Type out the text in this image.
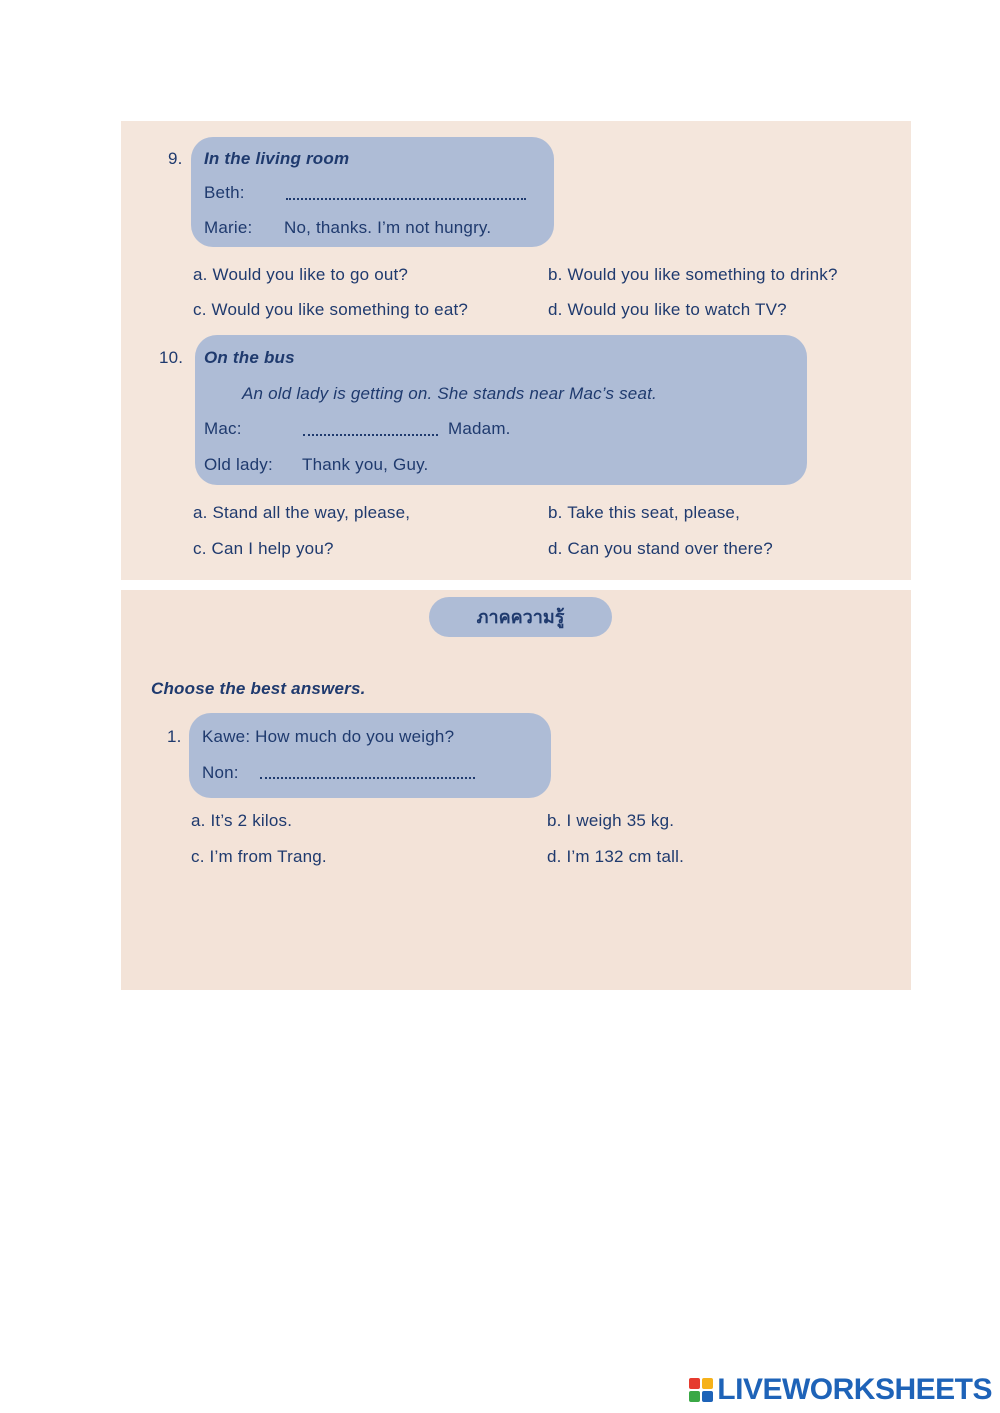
9. In the living room
Beth:
Marie: No, thanks. I’m not hungry.
a. Would you like to go out?	b. Would you like something to drink?
c. Would you like something to eat?	d. Would you like to watch TV?
10. On the bus
An old lady is getting on. She stands near Mac’s seat.
Mac:	Madam.
Old lady: Thank you, Guy.
a. Stand all the way, please,	b. Take this seat, please,
c. Can I help you?	d. Can you stand over there?
ภาคความรู้
Choose the best answers.
1. Kawe: How much do you weigh?
Non:
a. It’s 2 kilos.	b. I weigh 35 kg.
c. I’m from Trang.	d. I’m 132 cm tall.
LIVEWORKSHEETS
